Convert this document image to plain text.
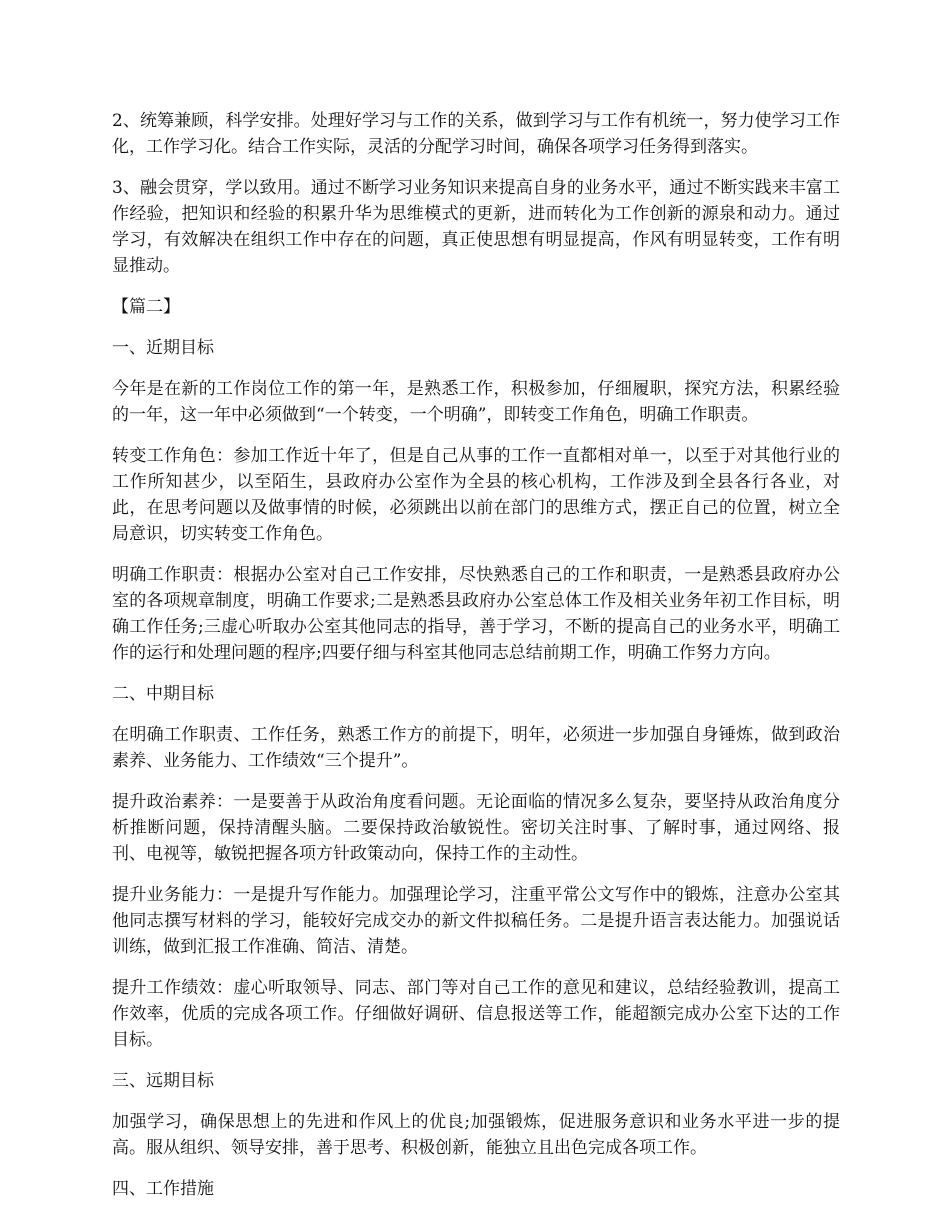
2、统筹兼顾，科学安排。处理好学习与工作的关系，做到学习与工作有机统一，努力使学习工作化，工作学习化。结合工作实际，灵活的分配学习时间，确保各项学习任务得到落实。

3、融会贯穿，学以致用。通过不断学习业务知识来提高自身的业务水平，通过不断实践来丰富工作经验，把知识和经验的积累升华为思维模式的更新，进而转化为工作创新的源泉和动力。通过学习，有效解决在组织工作中存在的问题，真正使思想有明显提高，作风有明显转变，工作有明显推动。

【篇二】

一、近期目标

今年是在新的工作岗位工作的第一年，是熟悉工作，积极参加，仔细履职，探究方法，积累经验的一年，这一年中必须做到“一个转变，一个明确”，即转变工作角色，明确工作职责。

转变工作角色：参加工作近十年了，但是自己从事的工作一直都相对单一，以至于对其他行业的工作所知甚少，以至陌生，县政府办公室作为全县的核心机构，工作涉及到全县各行各业，对此，在思考问题以及做事情的时候，必须跳出以前在部门的思维方式，摆正自己的位置，树立全局意识，切实转变工作角色。

明确工作职责：根据办公室对自己工作安排，尽快熟悉自己的工作和职责，一是熟悉县政府办公室的各项规章制度，明确工作要求;二是熟悉县政府办公室总体工作及相关业务年初工作目标，明确工作任务;三虚心听取办公室其他同志的指导，善于学习，不断的提高自己的业务水平，明确工作的运行和处理问题的程序;四要仔细与科室其他同志总结前期工作，明确工作努力方向。

二、中期目标

在明确工作职责、工作任务，熟悉工作方的前提下，明年，必须进一步加强自身锤炼，做到政治素养、业务能力、工作绩效“三个提升”。

提升政治素养：一是要善于从政治角度看问题。无论面临的情况多么复杂，要坚持从政治角度分析推断问题，保持清醒头脑。二要保持政治敏锐性。密切关注时事、了解时事，通过网络、报刊、电视等，敏锐把握各项方针政策动向，保持工作的主动性。

提升业务能力：一是提升写作能力。加强理论学习，注重平常公文写作中的锻炼，注意办公室其他同志撰写材料的学习，能较好完成交办的新文件拟稿任务。二是提升语言表达能力。加强说话训练，做到汇报工作准确、简洁、清楚。

提升工作绩效：虚心听取领导、同志、部门等对自己工作的意见和建议，总结经验教训，提高工作效率，优质的完成各项工作。仔细做好调研、信息报送等工作，能超额完成办公室下达的工作目标。

三、远期目标

加强学习，确保思想上的先进和作风上的优良;加强锻炼，促进服务意识和业务水平进一步的提高。服从组织、领导安排，善于思考、积极创新，能独立且出色完成各项工作。

四、工作措施
